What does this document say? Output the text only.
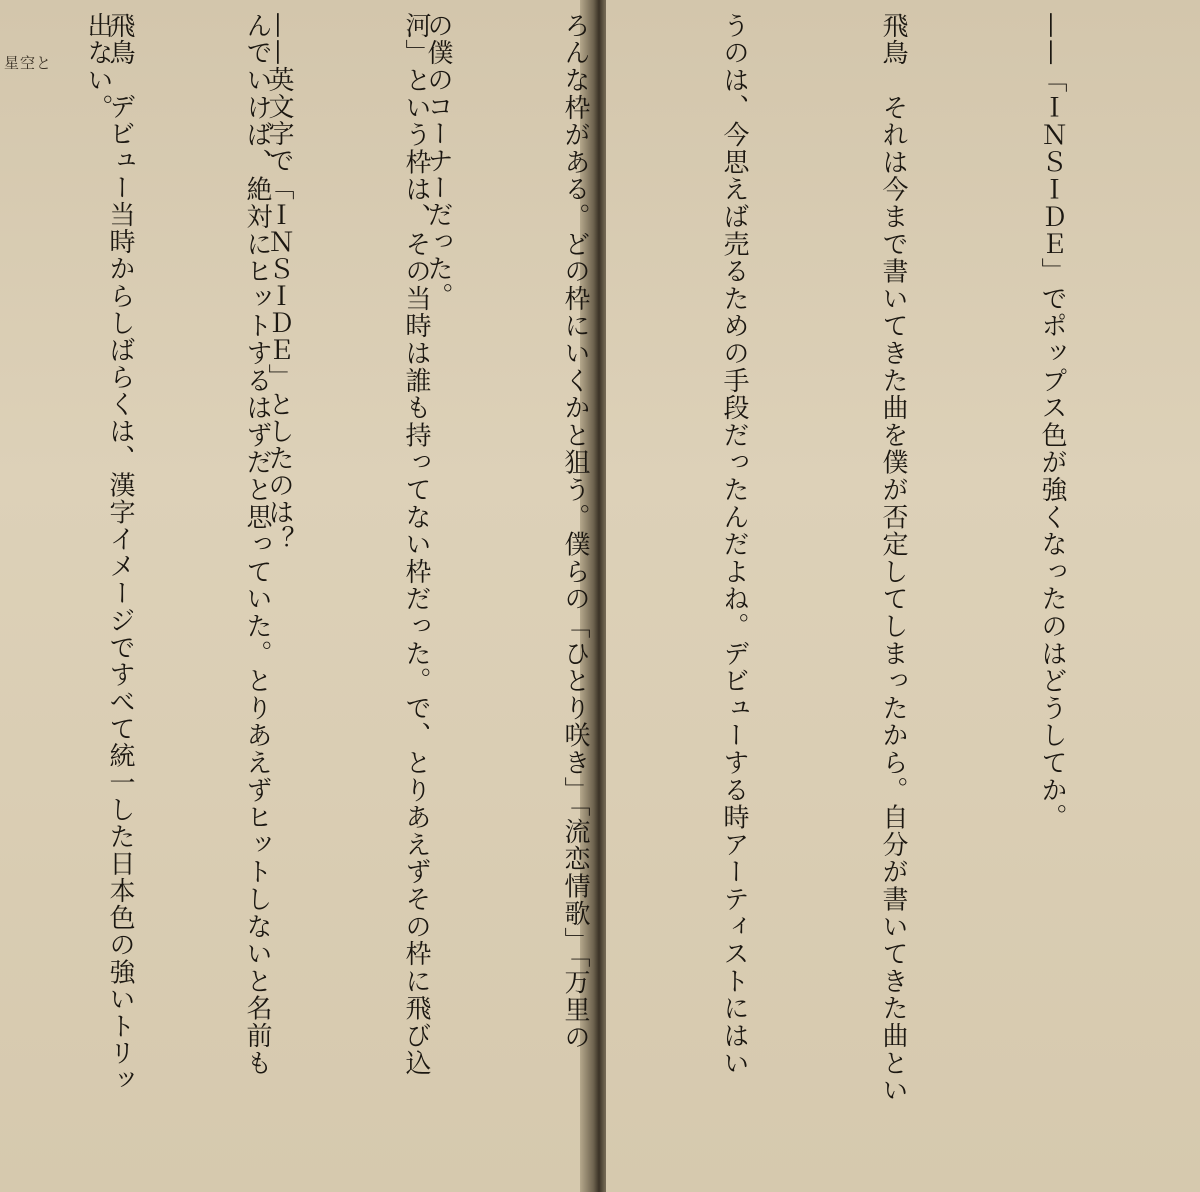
星空と

	の僕のコーナーだった。

——英文字で「ＩＮＳＩＤＥ」としたのは？

飛鳥　デビュー当時からしばらくは、漢字イメージですべて統一した日本色の強いトリッ

	——「ＩＮＳＩＤＥ」でポップス色が強くなったのはどうしてか。

飛鳥　それは今まで書いてきた曲を僕が否定してしまったから。自分が書いてきた曲とい

うのは、今思えば売るための手段だったんだよね。デビューする時アーティストにはい

ろんな枠がある。どの枠にいくかと狙う。僕らの「ひとり咲き」「流恋情歌」「万里の

河」という枠は、その当時は誰も持ってない枠だった。で、とりあえずその枠に飛び込

んでいけば、絶対にヒットするはずだと思っていた。とりあえずヒットしないと名前も

出ない。
